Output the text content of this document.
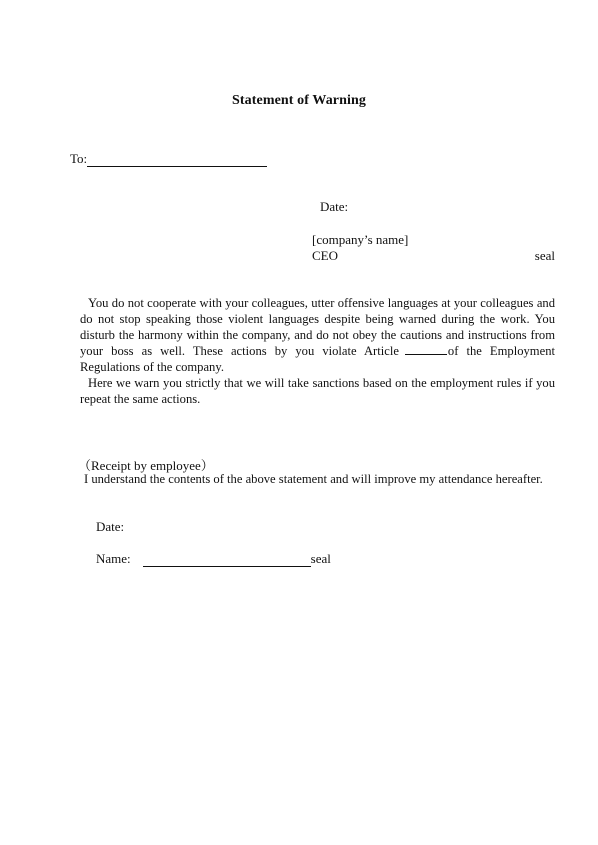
Statement of Warning
To:
Date:
[company’s name]
CEO	seal

You do not cooperate with your colleagues, utter offensive languages at your colleagues and do not stop speaking those violent languages despite being warned during the work. You disturb the harmony within the company, and do not obey the cautions and instructions from your boss as well. These actions by you violate Article	of the Employment Regulations of the company.

Here we warn you strictly that we will take sanctions based on the employment rules if you repeat the same actions.

（Receipt by employee）

I understand the contents of the above statement and will improve my attendance hereafter.

Date:
Name:	seal
